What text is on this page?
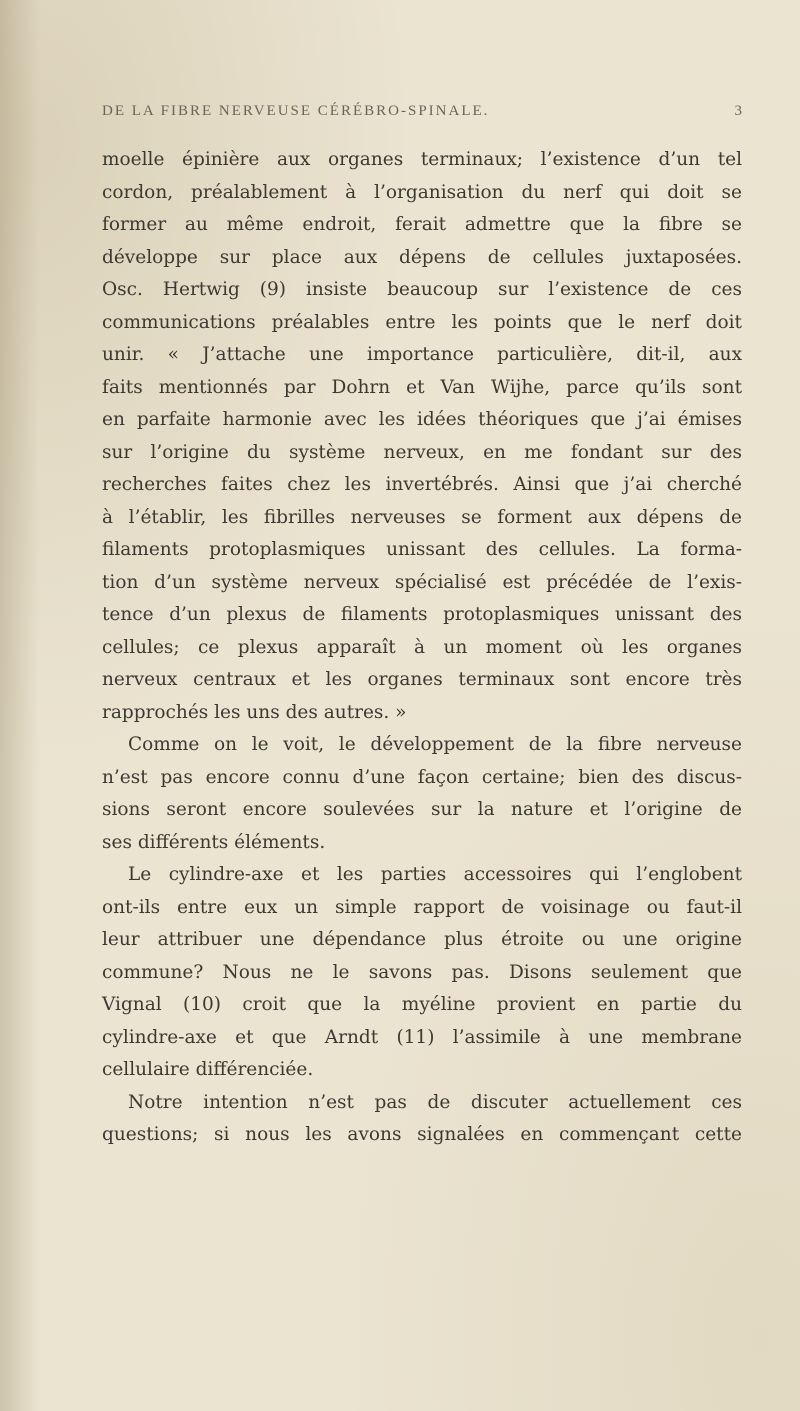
DE LA FIBRE NERVEUSE CÉRÉBRO-SPINALE.	3
moelle épinière aux organes terminaux; l’existence d’un tel
cordon, préalablement à l’organisation du nerf qui doit se
former au même endroit, ferait admettre que la fibre se
développe sur place aux dépens de cellules juxtaposées.
Osc. Hertwig (9) insiste beaucoup sur l’existence de ces
communications préalables entre les points que le nerf doit
unir. « J’attache une importance particulière, dit-il, aux
faits mentionnés par Dohrn et Van Wijhe, parce qu’ils sont
en parfaite harmonie avec les idées théoriques que j’ai émises
sur l’origine du système nerveux, en me fondant sur des
recherches faites chez les invertébrés. Ainsi que j’ai cherché
à l’établir, les fibrilles nerveuses se forment aux dépens de
filaments protoplasmiques unissant des cellules. La forma-
tion d’un système nerveux spécialisé est précédée de l’exis-
tence d’un plexus de filaments protoplasmiques unissant des
cellules; ce plexus apparaît à un moment où les organes
nerveux centraux et les organes terminaux sont encore très
rapprochés les uns des autres. »
Comme on le voit, le développement de la fibre nerveuse
n’est pas encore connu d’une façon certaine; bien des discus-
sions seront encore soulevées sur la nature et l’origine de
ses différents éléments.
Le cylindre-axe et les parties accessoires qui l’englobent
ont-ils entre eux un simple rapport de voisinage ou faut-il
leur attribuer une dépendance plus étroite ou une origine
commune? Nous ne le savons pas. Disons seulement que
Vignal (10) croit que la myéline provient en partie du
cylindre-axe et que Arndt (11) l’assimile à une membrane
cellulaire différenciée.
Notre intention n’est pas de discuter actuellement ces
questions; si nous les avons signalées en commençant cette
